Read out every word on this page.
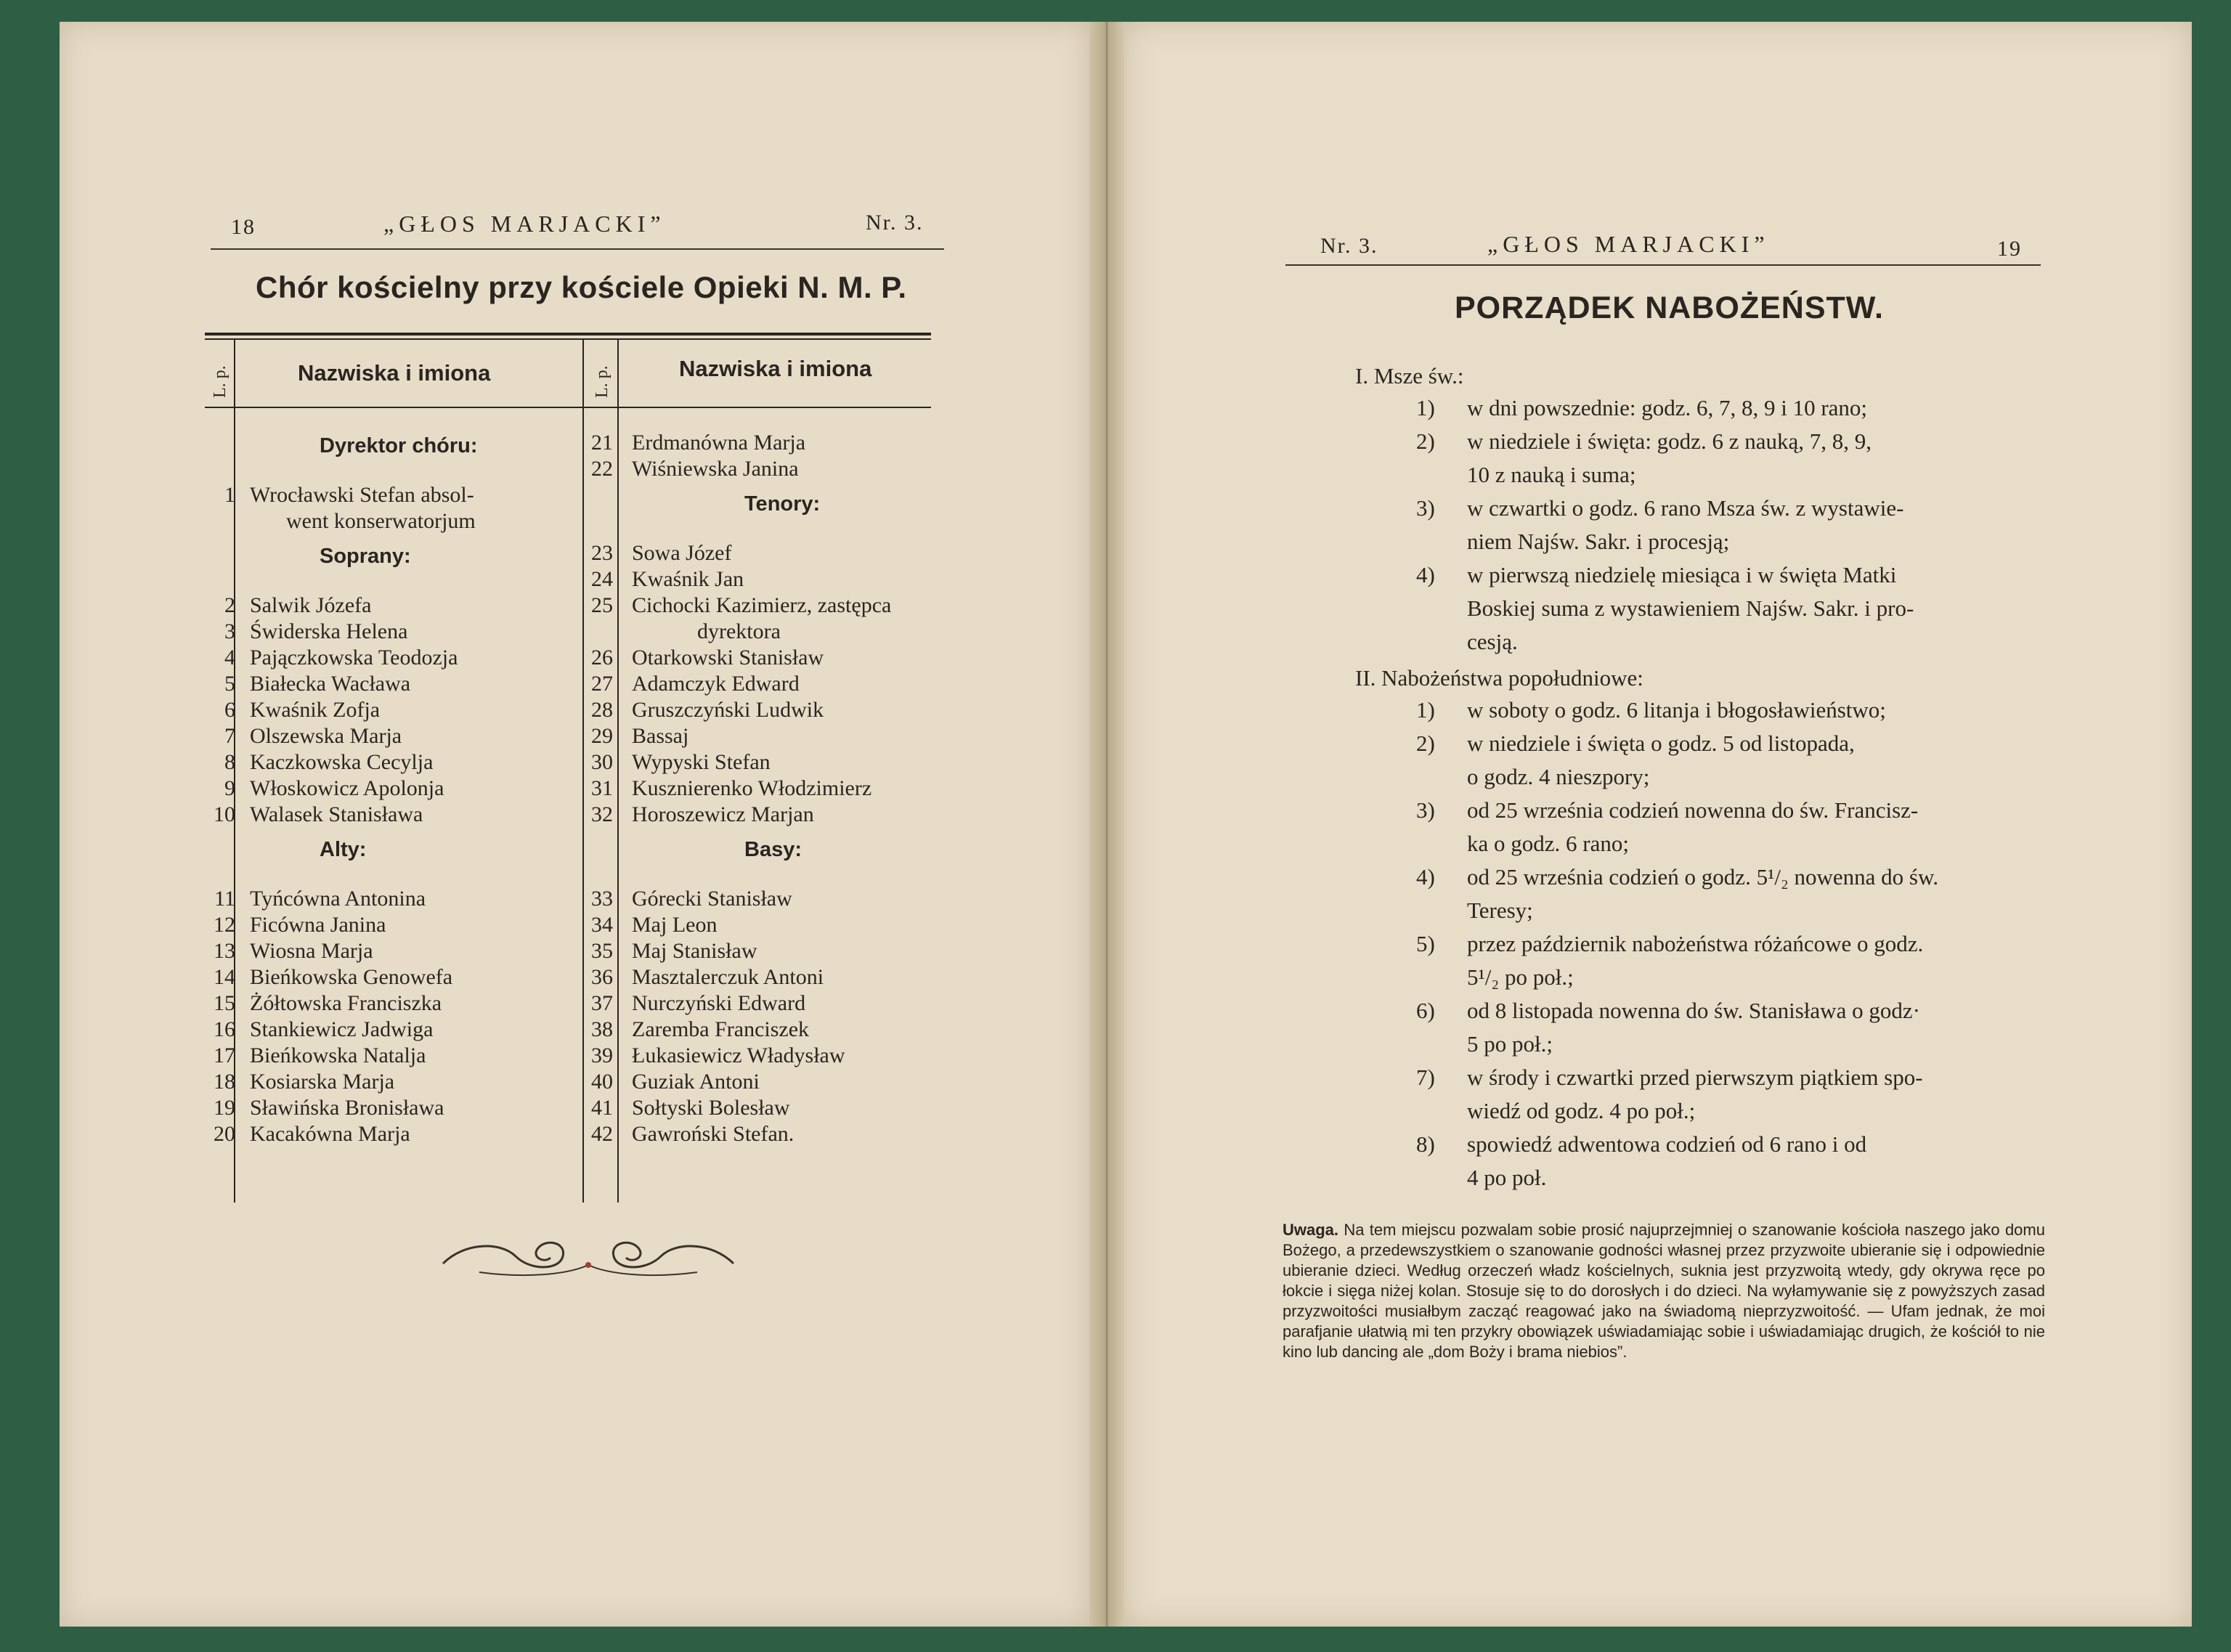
18	„GŁOS MARJACKI”	Nr. 3.
Chór kościelny przy kościele Opieki N. M. P.
L. p.	L. p.
Nazwiska i imiona	Nazwiska i imiona
Dyrektor chóru:
1 Wrocławski Stefan absol-
went konserwatorjum
Soprany:
2 Salwik Józefa
3 Świderska Helena
4 Pajączkowska Teodozja
5 Białecka Wacława
6 Kwaśnik Zofja
7 Olszewska Marja
8 Kaczkowska Cecylja
9 Włoskowicz Apolonja
10 Walasek Stanisława
Alty:
11 Tyńcówna Antonina
12 Ficówna Janina
13 Wiosna Marja
14 Bieńkowska Genowefa
15 Żółtowska Franciszka
16 Stankiewicz Jadwiga
17 Bieńkowska Natalja
18 Kosiarska Marja
19 Sławińska Bronisława
20 Kacakówna Marja
21 Erdmanówna Marja
22 Wiśniewska Janina
Tenory:
23 Sowa Józef
24 Kwaśnik Jan
25 Cichocki Kazimierz, zastępca
dyrektora
26 Otarkowski Stanisław
27 Adamczyk Edward
28 Gruszczyński Ludwik
29 Bassaj
30 Wypyski Stefan
31 Kusznierenko Włodzimierz
32 Horoszewicz Marjan
Basy:
33 Górecki Stanisław
34 Maj Leon
35 Maj Stanisław
36 Masztalerczuk Antoni
37 Nurczyński Edward
38 Zaremba Franciszek
39 Łukasiewicz Władysław
40 Guziak Antoni
41 Sołtyski Bolesław
42 Gawroński Stefan.
Nr. 3.	„GŁOS MARJACKI”	19
PORZĄDEK NABOŻEŃSTW.
I. Msze św.:
1) w dni powszednie: godz. 6, 7, 8, 9 i 10 rano;
2) w niedziele i święta: godz. 6 z nauką, 7, 8, 9,
10 z nauką i suma;
3) w czwartki o godz. 6 rano Msza św. z wystawie-
niem Najśw. Sakr. i procesją;
4) w pierwszą niedzielę miesiąca i w święta Matki
Boskiej suma z wystawieniem Najśw. Sakr. i pro-
cesją.
II. Nabożeństwa popołudniowe:
1) w soboty o godz. 6 litanja i błogosławieństwo;
2) w niedziele i święta o godz. 5 od listopada,
o godz. 4 nieszpory;
3) od 25 września codzień nowenna do św. Francisz-
ka o godz. 6 rano;
4) od 25 września codzień o godz. 5¹/₂ nowenna do św.
Teresy;
5) przez październik nabożeństwa różańcowe o godz.
5¹/₂ po poł.;
6) od 8 listopada nowenna do św. Stanisława o godz·
5 po poł.;
7) w środy i czwartki przed pierwszym piątkiem spo-
wiedź od godz. 4 po poł.;
8) spowiedź adwentowa codzień od 6 rano i od
4 po poł.
Uwaga. Na tem miejscu pozwalam sobie prosić najuprzejmniej o szanowanie kościoła naszego jako domu Bożego, a przedewszystkiem o szanowanie godności własnej przez przyzwoite ubieranie się i odpowiednie ubieranie dzieci. Według orzeczeń władz kościelnych, suknia jest przyzwoitą wtedy, gdy okrywa ręce po łokcie i sięga niżej kolan. Stosuje się to do dorosłych i do dzieci. Na wyłamywanie się z powyższych zasad przyzwoitości musiałbym zacząć reagować jako na świadomą nieprzyzwoitość. — Ufam jednak, że moi parafjanie ułatwią mi ten przykry obowiązek uświadamiając sobie i uświadamiając drugich, że kościół to nie kino lub dancing ale „dom Boży i brama niebios”.
